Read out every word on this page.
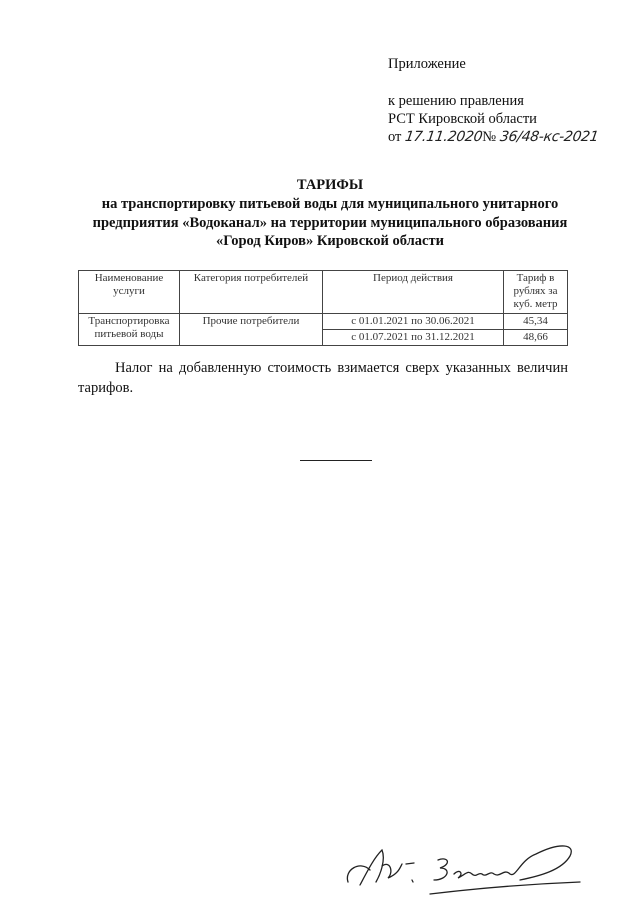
Приложение
к решению правления
РСТ Кировской области
от 17.11.2020№ 36/48-кс-2021
ТАРИФЫ
на транспортировку питьевой воды для муниципального унитарного
предприятия «Водоканал» на территории муниципального образования
«Город Киров» Кировской области
Наименование услуги	Категория потребителей	Период действия	Тариф в рублях за куб. метр
Транспортировка питьевой воды	Прочие потребители	с 01.01.2021 по 30.06.2021	45,34
		с 01.07.2021 по 31.12.2021	48,66
Налог на добавленную стоимость взимается сверх указанных величин тарифов.
